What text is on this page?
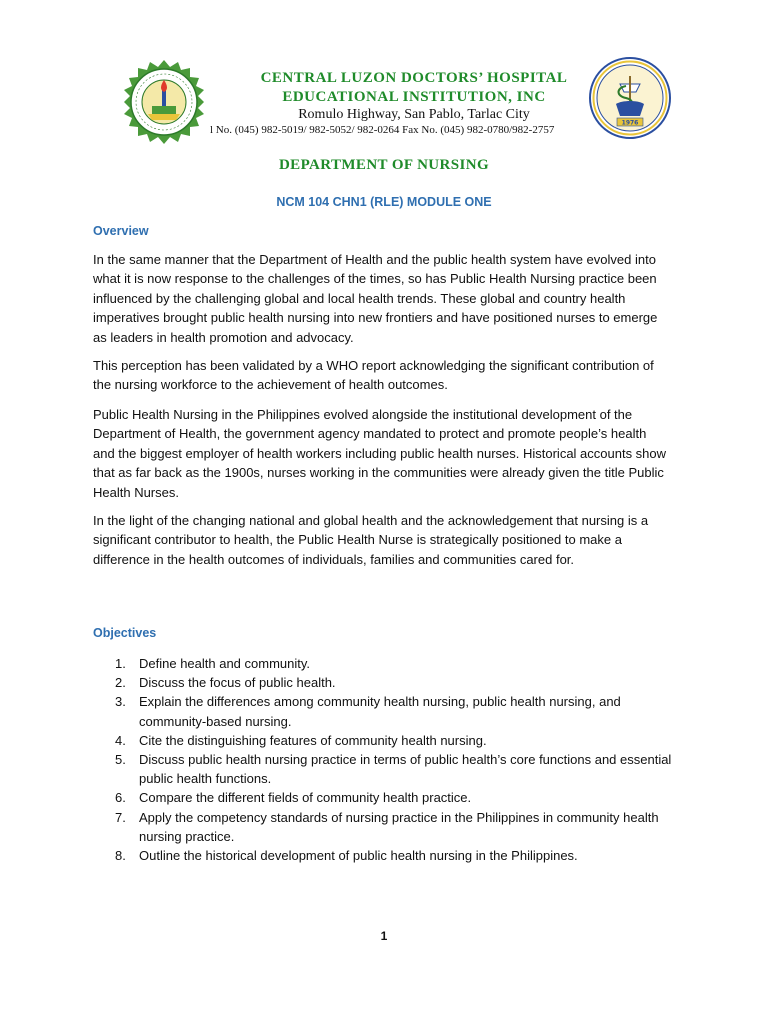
1976
CENTRAL LUZON DOCTORS’ HOSPITAL
EDUCATIONAL INSTITUTION, INC
Romulo Highway, San Pablo, Tarlac City
l No. (045) 982-5019/ 982-5052/ 982-0264 Fax No. (045) 982-0780/982-2757
DEPARTMENT OF NURSING
NCM 104 CHN1 (RLE) MODULE ONE
Overview

In the same manner that the Department of Health and the public health system have evolved into what it is now response to the challenges of the times, so has Public Health Nursing practice been influenced by the challenging global and local health trends. These global and country health imperatives brought public health nursing into new frontiers and have positioned nurses to emerge as leaders in health promotion and advocacy.

This perception has been validated by a WHO report acknowledging the significant contribution of the nursing workforce to the achievement of health outcomes.

Public Health Nursing in the Philippines evolved alongside the institutional development of the Department of Health, the government agency mandated to protect and promote people’s health and the biggest employer of health workers including public health nurses. Historical accounts show that as far back as the 1900s, nurses working in the communities were already given the title Public Health Nurses.

In the light of the changing national and global health and the acknowledgement that nursing is a significant contributor to health, the Public Health Nurse is strategically positioned to make a difference in the health outcomes of individuals, families and communities cared for.

Objectives
1. Define health and community.
2. Discuss the focus of public health.
3. Explain the differences among community health nursing, public health nursing, and community-based nursing.
4. Cite the distinguishing features of community health nursing.
5. Discuss public health nursing practice in terms of public health’s core functions and essential public health functions.
6. Compare the different fields of community health practice.
7. Apply the competency standards of nursing practice in the Philippines in community health nursing practice.
8. Outline the historical development of public health nursing in the Philippines.
1
